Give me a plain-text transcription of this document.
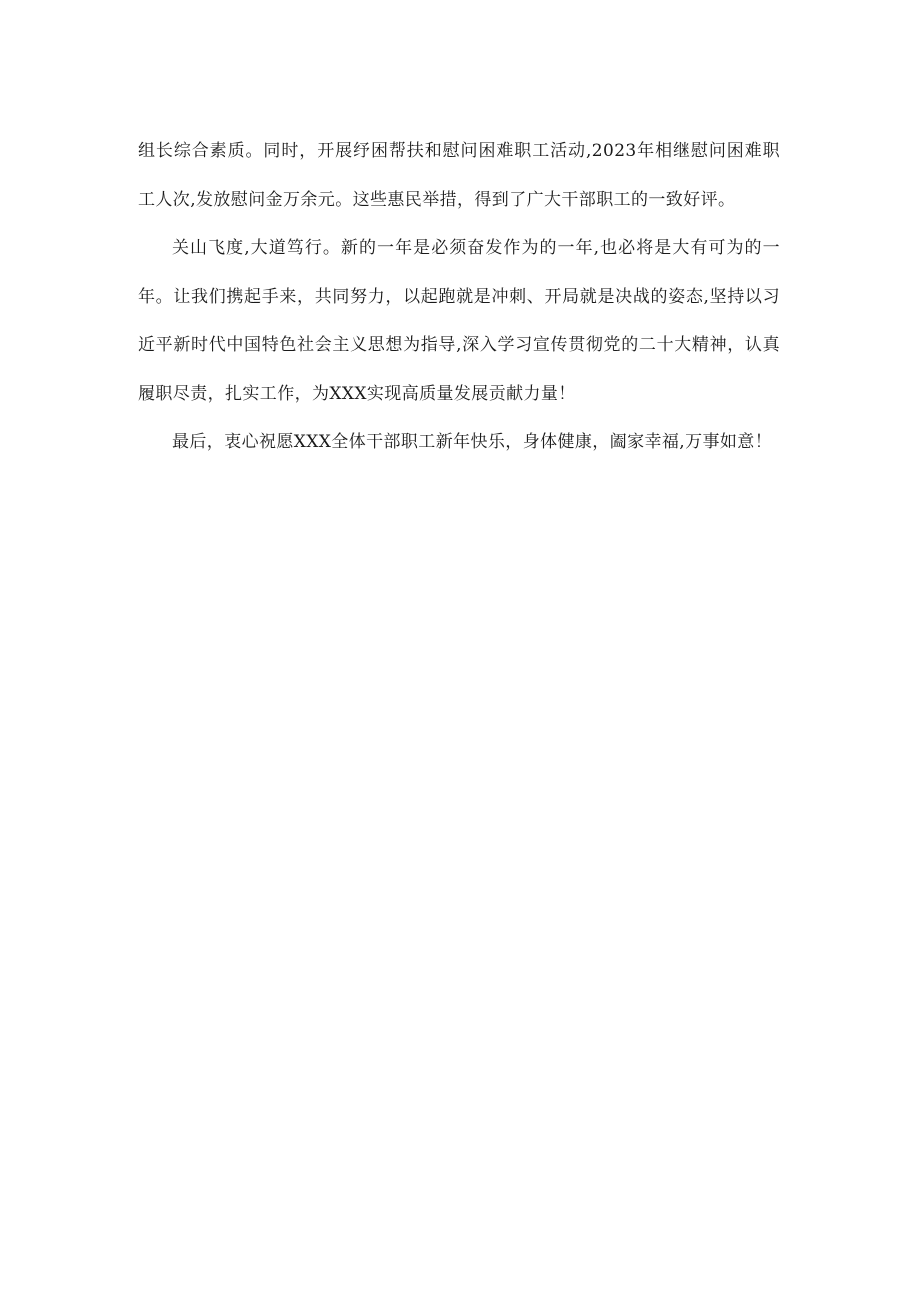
组长综合素质。同时，开展纾困帮扶和慰问困难职工活动,2023年相继慰问困难职工人次,发放慰问金万余元。这些惠民举措，得到了广大干部职工的一致好评。

关山飞度,大道笃行。新的一年是必须奋发作为的一年,也必将是大有可为的一年。让我们携起手来，共同努力，以起跑就是冲刺、开局就是决战的姿态,坚持以习近平新时代中国特色社会主义思想为指导,深入学习宣传贯彻党的二十大精神，认真履职尽责，扎实工作，为XXX实现高质量发展贡献力量！

最后，衷心祝愿XXX全体干部职工新年快乐，身体健康，阖家幸福,万事如意！
